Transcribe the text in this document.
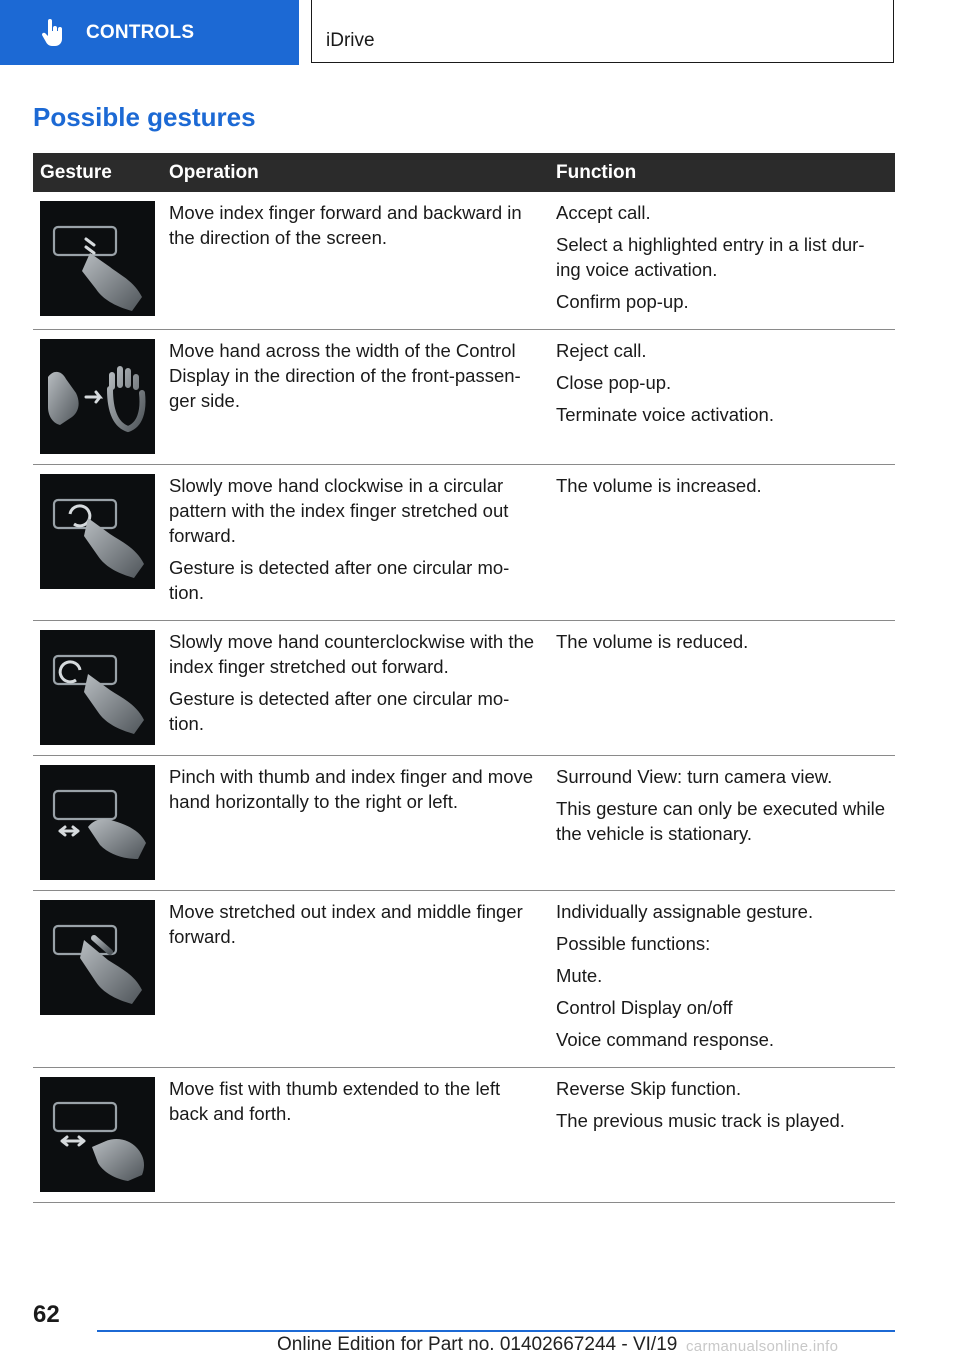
CONTROLS	iDrive
Possible gestures
Gesture	Operation	Function

Move index finger forward and backward in the direction of the screen.	Accept call.

Select a highlighted entry in a list dur-ing voice activation.

Confirm pop-up.

Move hand across the width of the Control Display in the direction of the front-passen-ger side.	Reject call.

Close pop-up.

Terminate voice activation.

Slowly move hand clockwise in a circular pattern with the index finger stretched out forward.

Gesture is detected after one circular mo-tion.	The volume is increased.

Slowly move hand counterclockwise with the index finger stretched out forward.

Gesture is detected after one circular mo-tion.	The volume is reduced.

Pinch with thumb and index finger and move hand horizontally to the right or left.	Surround View: turn camera view.

This gesture can only be executed while the vehicle is stationary.

Move stretched out index and middle finger forward.	Individually assignable gesture.

Possible functions:

Mute.

Control Display on/off

Voice command response.

Move fist with thumb extended to the left back and forth.	Reverse Skip function.

The previous music track is played.

62

Online Edition for Part no. 01402667244 - VI/19 carmanualsonline.info
